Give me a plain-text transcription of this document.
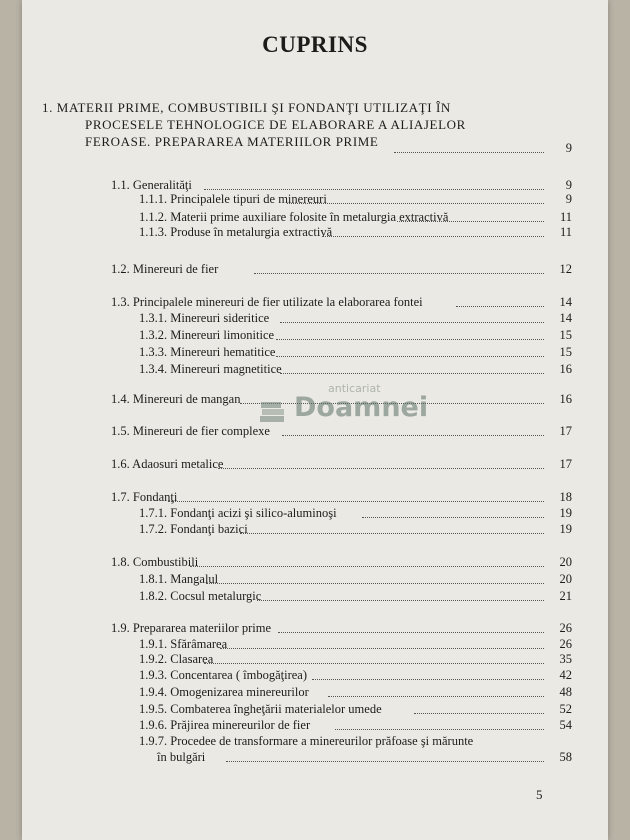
CUPRINS
1. MATERII PRIME, COMBUSTIBILI ŞI FONDANŢI UTILIZAŢI ÎN
PROCESELE TEHNOLOGICE DE ELABORARE A ALIAJELOR
FEROASE. PREPARAREA MATERIILOR PRIME	9
1.1. Generalităţi	9
1.1.1. Principalele tipuri de minereuri	9
1.1.2. Materii prime auxiliare folosite în metalurgia extractivă	11
1.1.3. Produse în metalurgia extractivă	11
1.2. Minereuri de fier	12
1.3. Principalele minereuri de fier utilizate la elaborarea fontei	14
1.3.1. Minereuri sideritice	14
1.3.2. Minereuri limonitice	15
1.3.3. Minereuri hematitice	15
1.3.4. Minereuri magnetitice	16
1.4. Minereuri de mangan	16
1.5. Minereuri de fier complexe	17
1.6. Adaosuri metalice	17
1.7. Fondanţi	18
1.7.1. Fondanţi acizi şi silico-aluminoşi	19
1.7.2. Fondanţi bazici	19
1.8. Combustibili	20
1.8.1. Mangalul	20
1.8.2. Cocsul metalurgic	21
1.9. Prepararea materiilor prime	26
1.9.1. Sfărâmarea	26
1.9.2. Clasarea	35
1.9.3. Concentarea ( îmbogăţirea)	42
1.9.4. Omogenizarea minereurilor	48
1.9.5. Combaterea îngheţării materialelor umede	52
1.9.6. Prăjirea minereurilor de fier	54
1.9.7. Procedee de transformare a minereurilor prăfoase şi mărunte
în bulgări	58
anticariat
Doamnei
5
